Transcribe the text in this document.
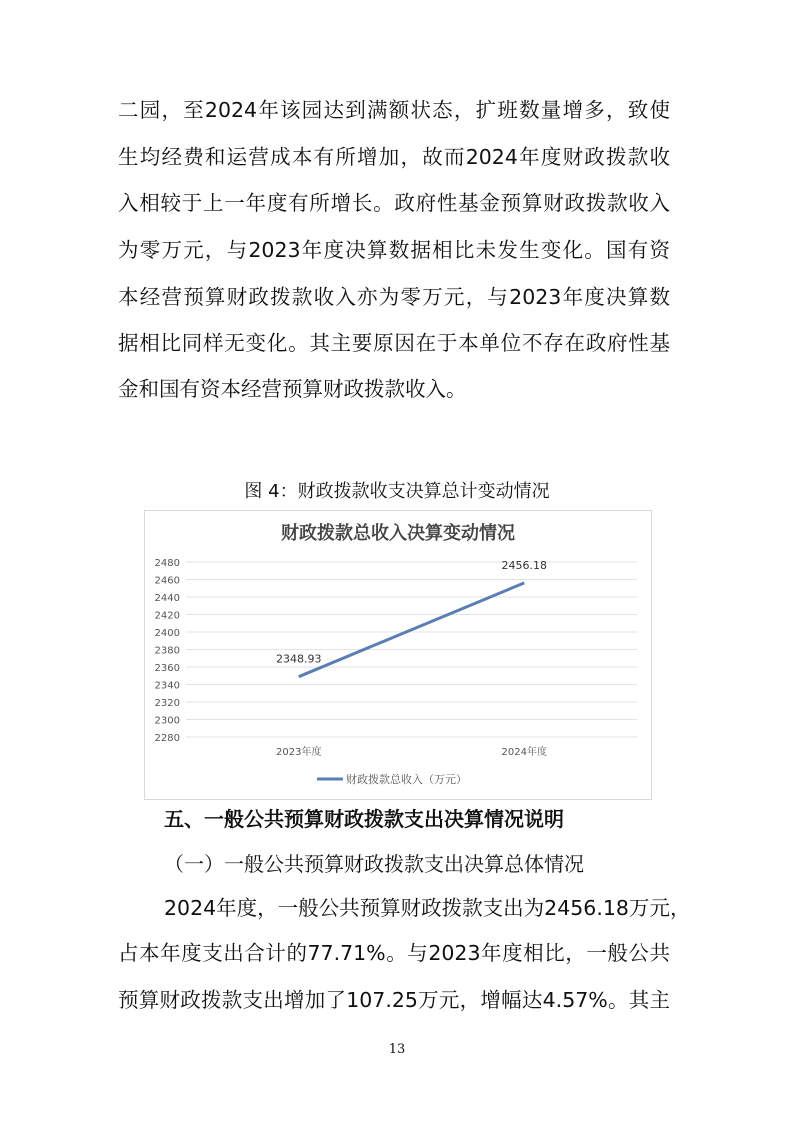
二园，至2024年该园达到满额状态，扩班数量增多，致使
生均经费和运营成本有所增加，故而2024年度财政拨款收
入相较于上一年度有所增长。政府性基金预算财政拨款收入
为零万元，与2023年度决算数据相比未发生变化。国有资
本经营预算财政拨款收入亦为零万元，与2023年度决算数
据相比同样无变化。其主要原因在于本单位不存在政府性基
金和国有资本经营预算财政拨款收入。
图 4：财政拨款收支决算总计变动情况
财政拨款总收入决算变动情况
2280
2300
2320
2340
2360
2380
2400
2420
2440
2460
2480
2023年度	2024年度
2348.93
2456.18
财政拨款总收入（万元）
五、一般公共预算财政拨款支出决算情况说明
（一）一般公共预算财政拨款支出决算总体情况
2024年度，一般公共预算财政拨款支出为2456.18万元，
占本年度支出合计的77.71%。与2023年度相比，一般公共
预算财政拨款支出增加了107.25万元，增幅达4.57%。其主
13
